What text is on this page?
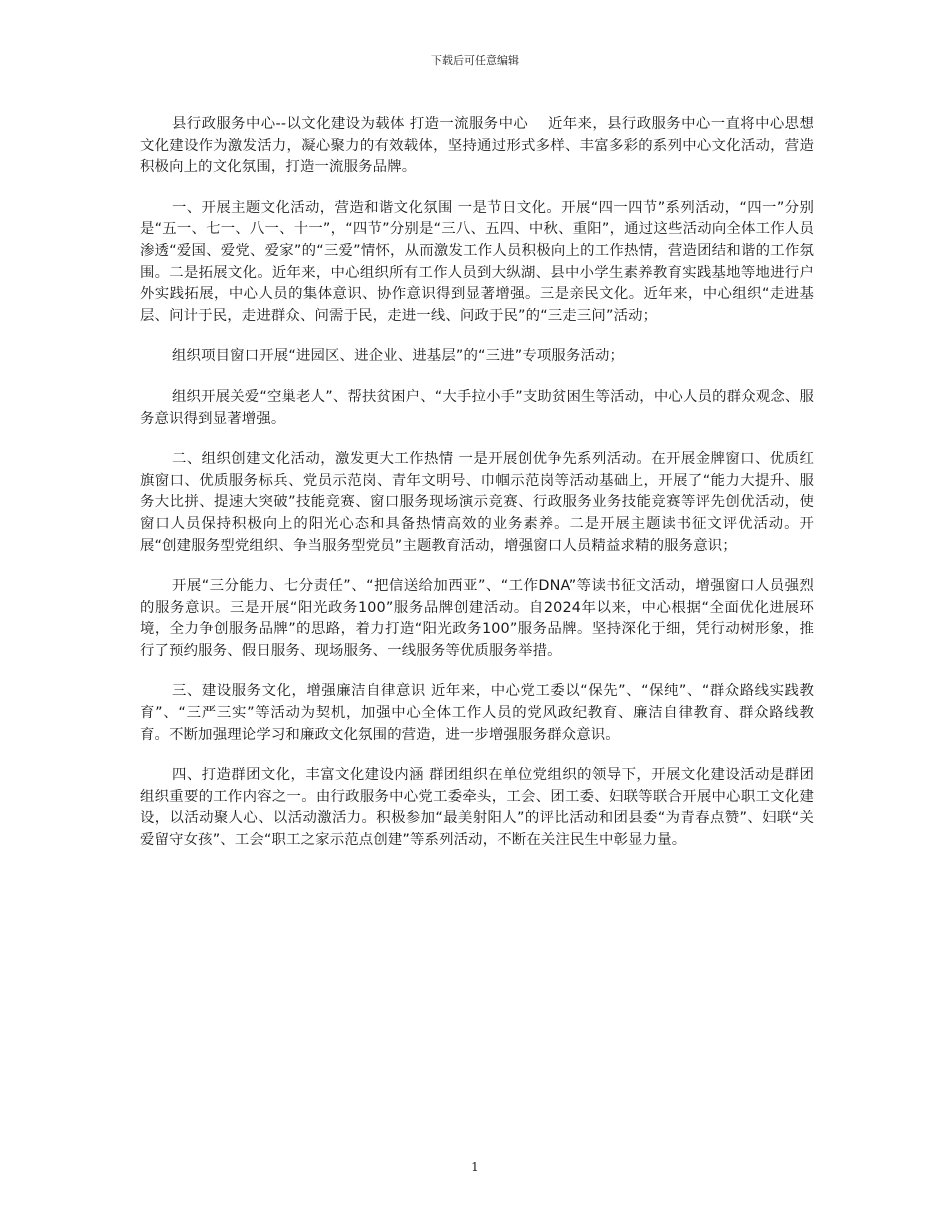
下载后可任意编辑

县行政服务中心--以文化建设为载体 打造一流服务中心　 近年来，县行政服务中心一直将中心思想文化建设作为激发活力，凝心聚力的有效载体，坚持通过形式多样、丰富多彩的系列中心文化活动，营造积极向上的文化氛围，打造一流服务品牌。

一、开展主题文化活动，营造和谐文化氛围 一是节日文化。开展“四一四节”系列活动，“四一”分别是“五一、七一、八一、十一”，“四节”分别是“三八、五四、中秋、重阳”，通过这些活动向全体工作人员渗透“爱国、爱党、爱家”的“三爱”情怀，从而激发工作人员积极向上的工作热情，营造团结和谐的工作氛围。二是拓展文化。近年来，中心组织所有工作人员到大纵湖、县中小学生素养教育实践基地等地进行户外实践拓展，中心人员的集体意识、协作意识得到显著增强。三是亲民文化。近年来，中心组织“走进基层、问计于民，走进群众、问需于民，走进一线、问政于民”的“三走三问”活动；

组织项目窗口开展“进园区、进企业、进基层”的“三进”专项服务活动；

组织开展关爱“空巢老人”、帮扶贫困户、“大手拉小手”支助贫困生等活动，中心人员的群众观念、服务意识得到显著增强。

二、组织创建文化活动，激发更大工作热情 一是开展创优争先系列活动。在开展金牌窗口、优质红旗窗口、优质服务标兵、党员示范岗、青年文明号、巾帼示范岗等活动基础上，开展了“能力大提升、服务大比拼、提速大突破”技能竞赛、窗口服务现场演示竞赛、行政服务业务技能竞赛等评先创优活动，使窗口人员保持积极向上的阳光心态和具备热情高效的业务素养。二是开展主题读书征文评优活动。开展“创建服务型党组织、争当服务型党员”主题教育活动，增强窗口人员精益求精的服务意识；

开展“三分能力、七分责任”、“把信送给加西亚”、“工作DNA”等读书征文活动，增强窗口人员强烈的服务意识。三是开展“阳光政务100”服务品牌创建活动。自2024年以来，中心根据“全面优化进展环境，全力争创服务品牌”的思路，着力打造“阳光政务100”服务品牌。坚持深化于细，凭行动树形象，推行了预约服务、假日服务、现场服务、一线服务等优质服务举措。

三、建设服务文化，增强廉洁自律意识 近年来，中心党工委以“保先”、“保纯”、“群众路线实践教育”、“三严三实”等活动为契机，加强中心全体工作人员的党风政纪教育、廉洁自律教育、群众路线教育。不断加强理论学习和廉政文化氛围的营造，进一步增强服务群众意识。

四、打造群团文化，丰富文化建设内涵 群团组织在单位党组织的领导下，开展文化建设活动是群团组织重要的工作内容之一。由行政服务中心党工委牵头，工会、团工委、妇联等联合开展中心职工文化建设，以活动聚人心、以活动激活力。积极参加“最美射阳人”的评比活动和团县委“为青春点赞”、妇联“关爱留守女孩”、工会“职工之家示范点创建”等系列活动，不断在关注民生中彰显力量。

1
